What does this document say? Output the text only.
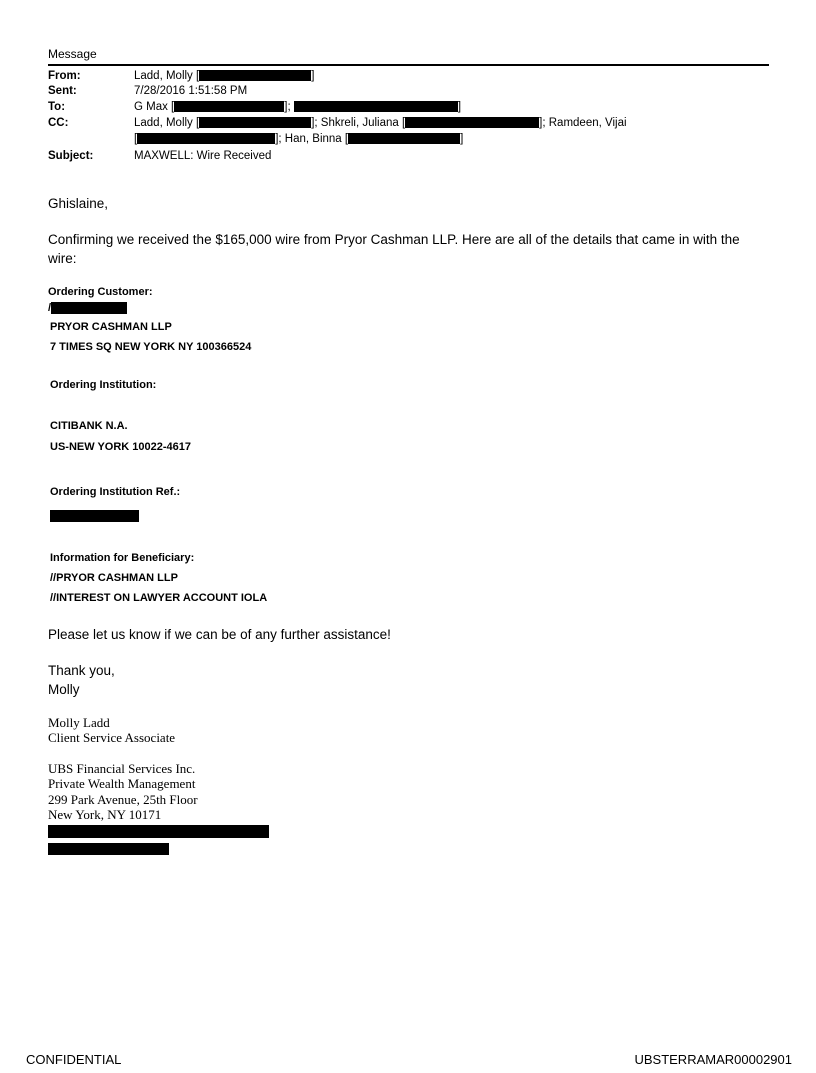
Message
From:	Ladd, Molly [	]
Sent:	7/28/2016 1:51:58 PM
To:	G Max [	];	]
CC:	Ladd, Molly [	]; Shkreli, Juliana [	]; Ramdeen, Vijai
[	]; Han, Binna [	]
Subject:	MAXWELL: Wire Received
Ghislaine,
Confirming we received the $165,000 wire from Pryor Cashman LLP. Here are all of the details that came in with the
wire:
Ordering Customer:
/
PRYOR CASHMAN LLP
7 TIMES SQ NEW YORK NY 100366524
Ordering Institution:
CITIBANK N.A.
US-NEW YORK 10022-4617
Ordering Institution Ref.:
Information for Beneficiary:
//PRYOR CASHMAN LLP
//INTEREST ON LAWYER ACCOUNT IOLA
Please let us know if we can be of any further assistance!
Thank you,
Molly
Molly Ladd
Client Service Associate
UBS Financial Services Inc.
Private Wealth Management
299 Park Avenue, 25th Floor
New York, NY 10171
CONFIDENTIAL	UBSTERRAMAR00002901
